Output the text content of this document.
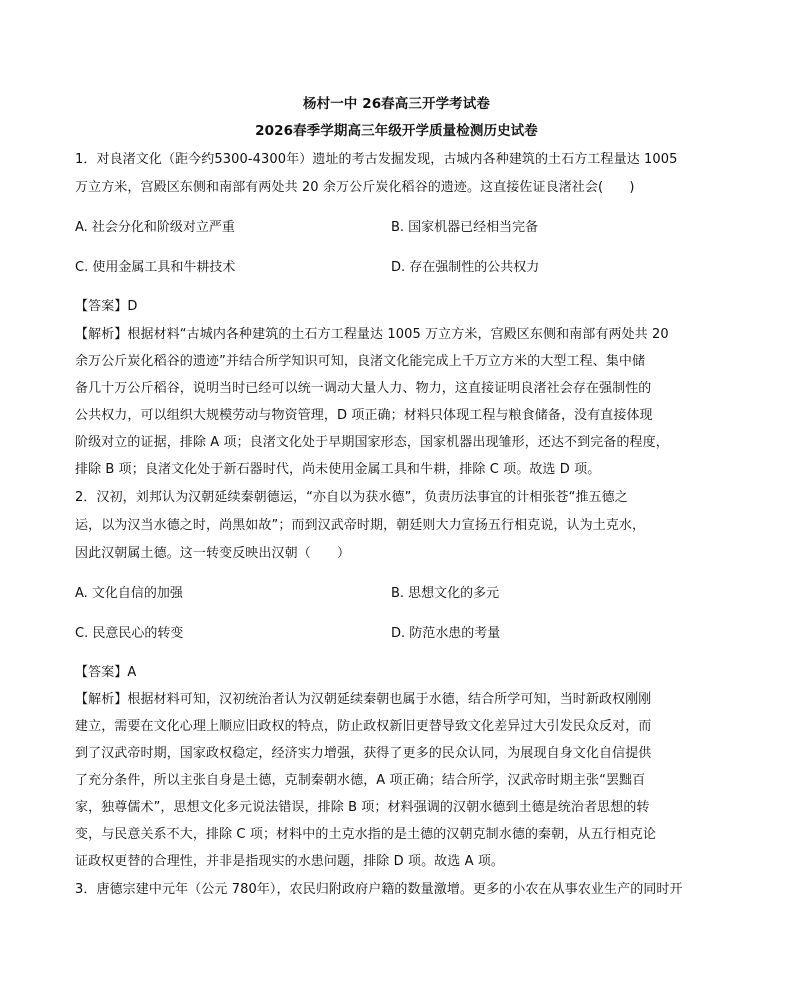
杨村一中 26春高三开学考试卷
2026春季学期高三年级开学质量检测历史试卷
1．对良渚文化（距今约5300-4300年）遗址的考古发掘发现，古城内各种建筑的土石方工程量达 1005
万立方米，宫殿区东侧和南部有两处共 20 余万公斤炭化稻谷的遗迹。这直接佐证良渚社会(　　)
A. 社会分化和阶级对立严重	B. 国家机器已经相当完备
C. 使用金属工具和牛耕技术	D. 存在强制性的公共权力
【答案】D
【解析】根据材料“古城内各种建筑的土石方工程量达 1005 万立方米，宫殿区东侧和南部有两处共 20
余万公斤炭化稻谷的遗迹”并结合所学知识可知，良渚文化能完成上千万立方米的大型工程、集中储
备几十万公斤稻谷，说明当时已经可以统一调动大量人力、物力，这直接证明良渚社会存在强制性的
公共权力，可以组织大规模劳动与物资管理，D 项正确；材料只体现工程与粮食储备，没有直接体现
阶级对立的证据，排除 A 项；良渚文化处于早期国家形态，国家机器出现雏形，还达不到完备的程度，
排除 B 项；良渚文化处于新石器时代，尚未使用金属工具和牛耕，排除 C 项。故选 D 项。
2．汉初，刘邦认为汉朝延续秦朝德运，“亦自以为获水德”，负责历法事宜的计相张苍“推五德之
运，以为汉当水德之时，尚黑如故”；而到汉武帝时期，朝廷则大力宣扬五行相克说，认为土克水，
因此汉朝属土德。这一转变反映出汉朝（　　）
A. 文化自信的加强	B. 思想文化的多元
C. 民意民心的转变	D. 防范水患的考量
【答案】A
【解析】根据材料可知，汉初统治者认为汉朝延续秦朝也属于水德，结合所学可知，当时新政权刚刚
建立，需要在文化心理上顺应旧政权的特点，防止政权新旧更替导致文化差异过大引发民众反对，而
到了汉武帝时期，国家政权稳定，经济实力增强，获得了更多的民众认同，为展现自身文化自信提供
了充分条件，所以主张自身是土德，克制秦朝水德，A 项正确；结合所学，汉武帝时期主张“罢黜百
家，独尊儒术”，思想文化多元说法错误，排除 B 项；材料强调的汉朝水德到土德是统治者思想的转
变，与民意关系不大，排除 C 项；材料中的土克水指的是土德的汉朝克制水德的秦朝，从五行相克论
证政权更替的合理性，并非是指现实的水患问题，排除 D 项。故选 A 项。
3．唐德宗建中元年（公元 780年），农民归附政府户籍的数量激增。更多的小农在从事农业生产的同时开
